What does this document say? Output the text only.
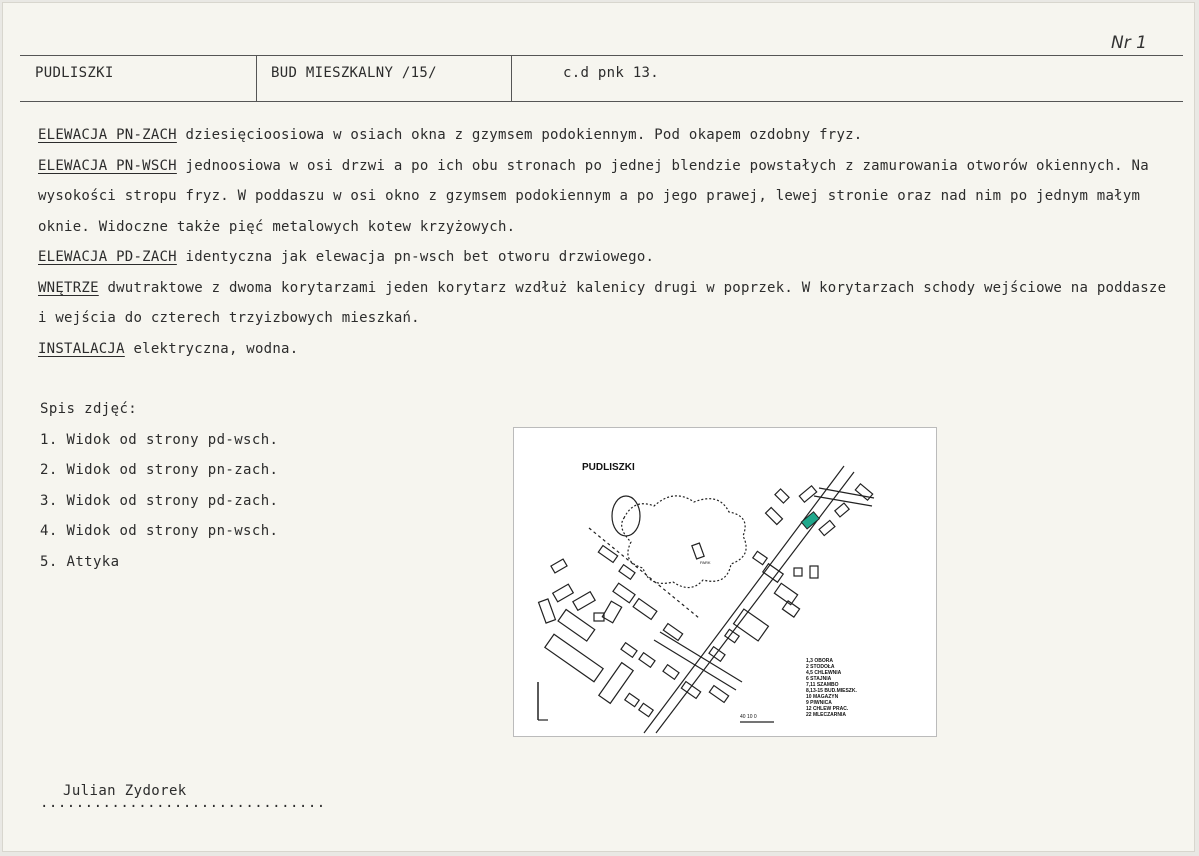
Nr 1
PUDLISZKI	BUD MIESZKALNY /15/	c.d pnk 13.

ELEWACJA PN-ZACH dziesięcioosiowa w osiach okna z gzymsem podokiennym. Pod okapem ozdobny fryz.

ELEWACJA PN-WSCH jednoosiowa w osi drzwi a po ich obu stronach po jednej blendzie powstałych z zamurowania otworów okiennych. Na wysokości stropu fryz. W poddaszu w osi okno z gzymsem podokiennym a po jego prawej, lewej stronie oraz nad nim po jednym małym oknie. Widoczne także pięć metalowych kotew krzyżowych.

ELEWACJA PD-ZACH identyczna jak elewacja pn-wsch bet otworu drzwiowego.

WNĘTRZE dwutraktowe z dwoma korytarzami jeden korytarz wzdłuż kalenicy drugi w poprzek. W korytarzach schody wejściowe na poddasze i wejścia do czterech trzyizbowych mieszkań.

INSTALACJA elektryczna, wodna.

Spis zdjęć:

1. Widok od strony pd-wsch.

2. Widok od strony pn-zach.

3. Widok od strony pd-zach.

4. Widok od strony pn-wsch.

5. Attyka

PUDLISZKI
PARK
40 10 0
1,3 OBORA
2 STODOŁA
4,5 CHLEWNIA
6 STAJNIA
7,11 SZAMBO
8,13-15 BUD.MIESZK.
10 MAGAZYN
9 PIWNICA
12 CHLEW PRAC.
22 MLECZARNIA
Julian Zydorek
................................
